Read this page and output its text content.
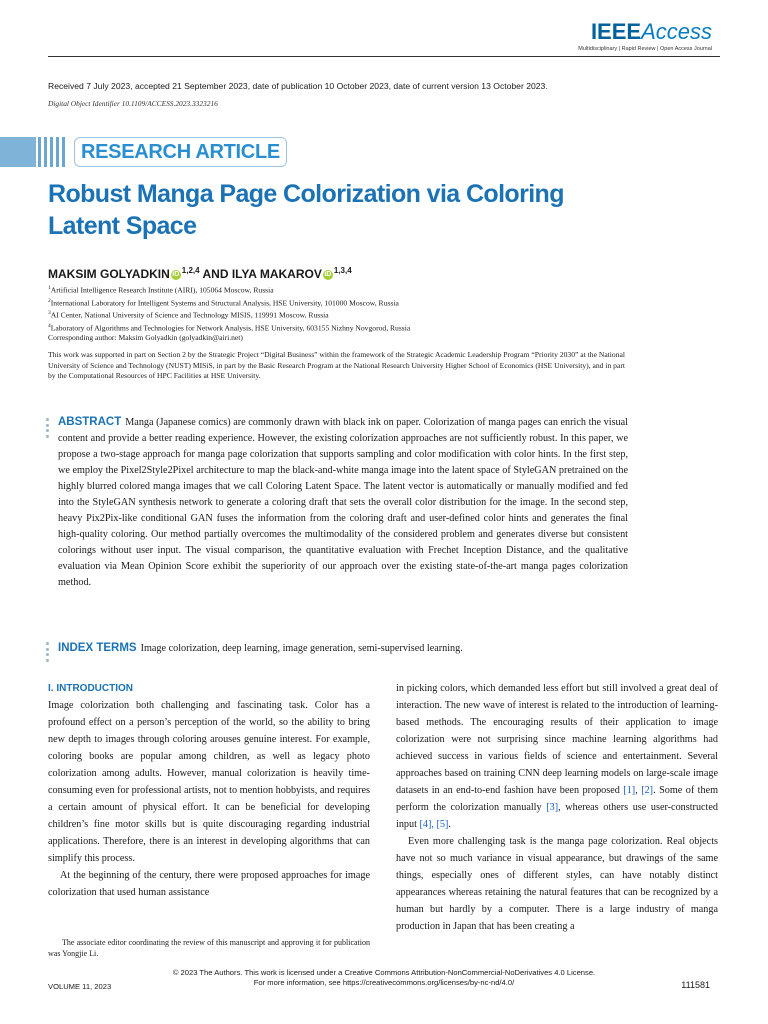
IEEEAccess
Multidisciplinary | Rapid Review | Open Access Journal
Received 7 July 2023, accepted 21 September 2023, date of publication 10 October 2023, date of current version 13 October 2023.
Digital Object Identifier 10.1109/ACCESS.2023.3323216
RESEARCH ARTICLE
Robust Manga Page Colorization via Coloring Latent Space
MAKSIM GOLYADKIN iD $^{1,2,4}$ AND ILYA MAKAROV iD $^{1,3,4}$
$^1$Artificial Intelligence Research Institute (AIRI), 105064 Moscow, Russia
$^2$International Laboratory for Intelligent Systems and Structural Analysis, HSE University, 101000 Moscow, Russia
$^3$AI Center, National University of Science and Technology MISIS, 119991 Moscow, Russia
$^4$Laboratory of Algorithms and Technologies for Network Analysis, HSE University, 603155 Nizhny Novgorod, Russia
Corresponding author: Maksim Golyadkin (golyadkin@airi.net)
This work was supported in part on Section 2 by the Strategic Project “Digital Business” within the framework of the Strategic Academic Leadership Program “Priority 2030” at the National University of Science and Technology (NUST) MISiS, in part by the Basic Research Program at the National Research University Higher School of Economics (HSE University), and in part by the Computational Resources of HPC Facilities at HSE University.
ABSTRACT Manga (Japanese comics) are commonly drawn with black ink on paper. Colorization of manga pages can enrich the visual content and provide a better reading experience. However, the existing colorization approaches are not sufficiently robust. In this paper, we propose a two-stage approach for manga page colorization that supports sampling and color modification with color hints. In the first step, we employ the Pixel2Style2Pixel architecture to map the black-and-white manga image into the latent space of StyleGAN pretrained on the highly blurred colored manga images that we call Coloring Latent Space. The latent vector is automatically or manually modified and fed into the StyleGAN synthesis network to generate a coloring draft that sets the overall color distribution for the image. In the second step, heavy Pix2Pix-like conditional GAN fuses the information from the coloring draft and user-defined color hints and generates the final high-quality coloring. Our method partially overcomes the multimodality of the considered problem and generates diverse but consistent colorings without user input. The visual comparison, the quantitative evaluation with Frechet Inception Distance, and the qualitative evaluation via Mean Opinion Score exhibit the superiority of our approach over the existing state-of-the-art manga pages colorization method.
INDEX TERMS Image colorization, deep learning, image generation, semi-supervised learning.
I. INTRODUCTION

Image colorization both challenging and fascinating task. Color has a profound effect on a person’s perception of the world, so the ability to bring new depth to images through coloring arouses genuine interest. For example, coloring books are popular among children, as well as legacy photo colorization among adults. However, manual colorization is heavily time-consuming even for professional artists, not to mention hobbyists, and requires a certain amount of physical effort. It can be beneficial for developing children’s fine motor skills but is quite discouraging regarding industrial applications. Therefore, there is an interest in developing algorithms that can simplify this process.

At the beginning of the century, there were proposed approaches for image colorization that used human assistance

in picking colors, which demanded less effort but still involved a great deal of interaction. The new wave of interest is related to the introduction of learning-based methods. The encouraging results of their application to image colorization were not surprising since machine learning algorithms had achieved success in various fields of science and entertainment. Several approaches based on training CNN deep learning models on large-scale image datasets in an end-to-end fashion have been proposed [1], [2]. Some of them perform the colorization manually [3], whereas others use user-constructed input [4], [5].

Even more challenging task is the manga page colorization. Real objects have not so much variance in visual appearance, but drawings of the same things, especially ones of different styles, can have notably distinct appearances whereas retaining the natural features that can be recognized by a human but hardly by a computer. There is a large industry of manga production in Japan that has been creating a

The associate editor coordinating the review of this manuscript and approving it for publication was Yongjie Li.
VOLUME 11, 2023
© 2023 The Authors. This work is licensed under a Creative Commons Attribution-NonCommercial-NoDerivatives 4.0 License.
For more information, see https://creativecommons.org/licenses/by-nc-nd/4.0/	111581
